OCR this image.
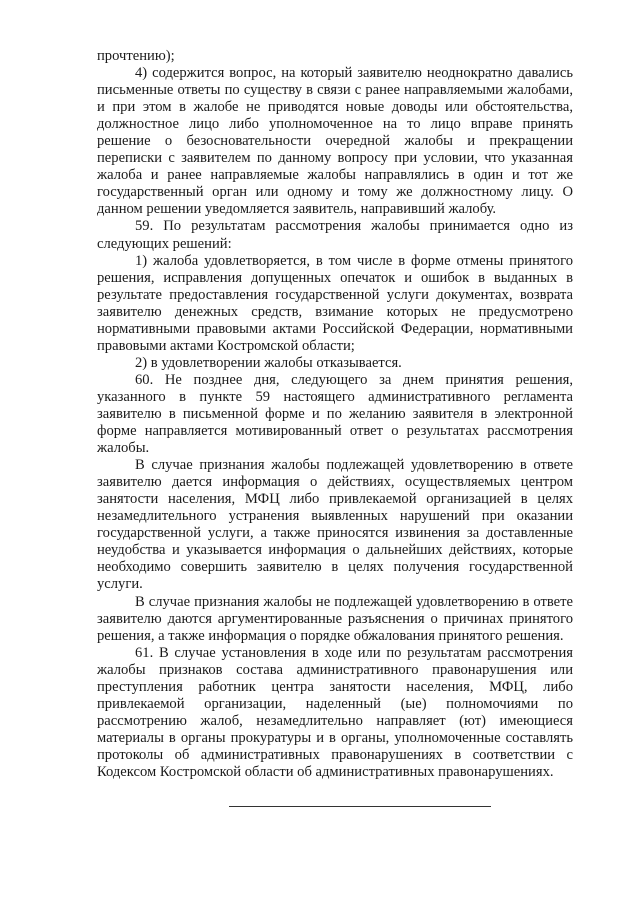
прочтению);

4) содержится вопрос, на который заявителю неоднократно давались письменные ответы по существу в связи с ранее направляемыми жалобами, и при этом в жалобе не приводятся новые доводы или обстоятельства, должностное лицо либо уполномоченное на то лицо вправе принять решение о безосновательности очередной жалобы и прекращении переписки с заявителем по данному вопросу при условии, что указанная жалоба и ранее направляемые жалобы направлялись в один и тот же государственный орган или одному и тому же должностному лицу. О данном решении уведомляется заявитель, направивший жалобу.

59. По результатам рассмотрения жалобы принимается одно из следующих решений:

1) жалоба удовлетворяется, в том числе в форме отмены принятого решения, исправления допущенных опечаток и ошибок в выданных в результате предоставления государственной услуги документах, возврата заявителю денежных средств, взимание которых не предусмотрено нормативными правовыми актами Российской Федерации, нормативными правовыми актами Костромской области;

2) в удовлетворении жалобы отказывается.

60. Не позднее дня, следующего за днем принятия решения, указанного в пункте 59 настоящего административного регламента заявителю в письменной форме и по желанию заявителя в электронной форме направляется мотивированный ответ о результатах рассмотрения жалобы.

В случае признания жалобы подлежащей удовлетворению в ответе заявителю дается информация о действиях, осуществляемых центром занятости населения, МФЦ либо привлекаемой организацией в целях незамедлительного устранения выявленных нарушений при оказании государственной услуги, а также приносятся извинения за доставленные неудобства и указывается информация о дальнейших действиях, которые необходимо совершить заявителю в целях получения государственной услуги.

В случае признания жалобы не подлежащей удовлетворению в ответе заявителю даются аргументированные разъяснения о причинах принятого решения, а также информация о порядке обжалования принятого решения.

61. В случае установления в ходе или по результатам рассмотрения жалобы признаков состава административного правонарушения или преступления работник центра занятости населения, МФЦ, либо привлекаемой организации, наделенный (ые) полномочиями по рассмотрению жалоб, незамедлительно направляет (ют) имеющиеся материалы в органы прокуратуры и в органы, уполномоченные составлять протоколы об административных правонарушениях в соответствии с Кодексом Костромской области об административных правонарушениях.
